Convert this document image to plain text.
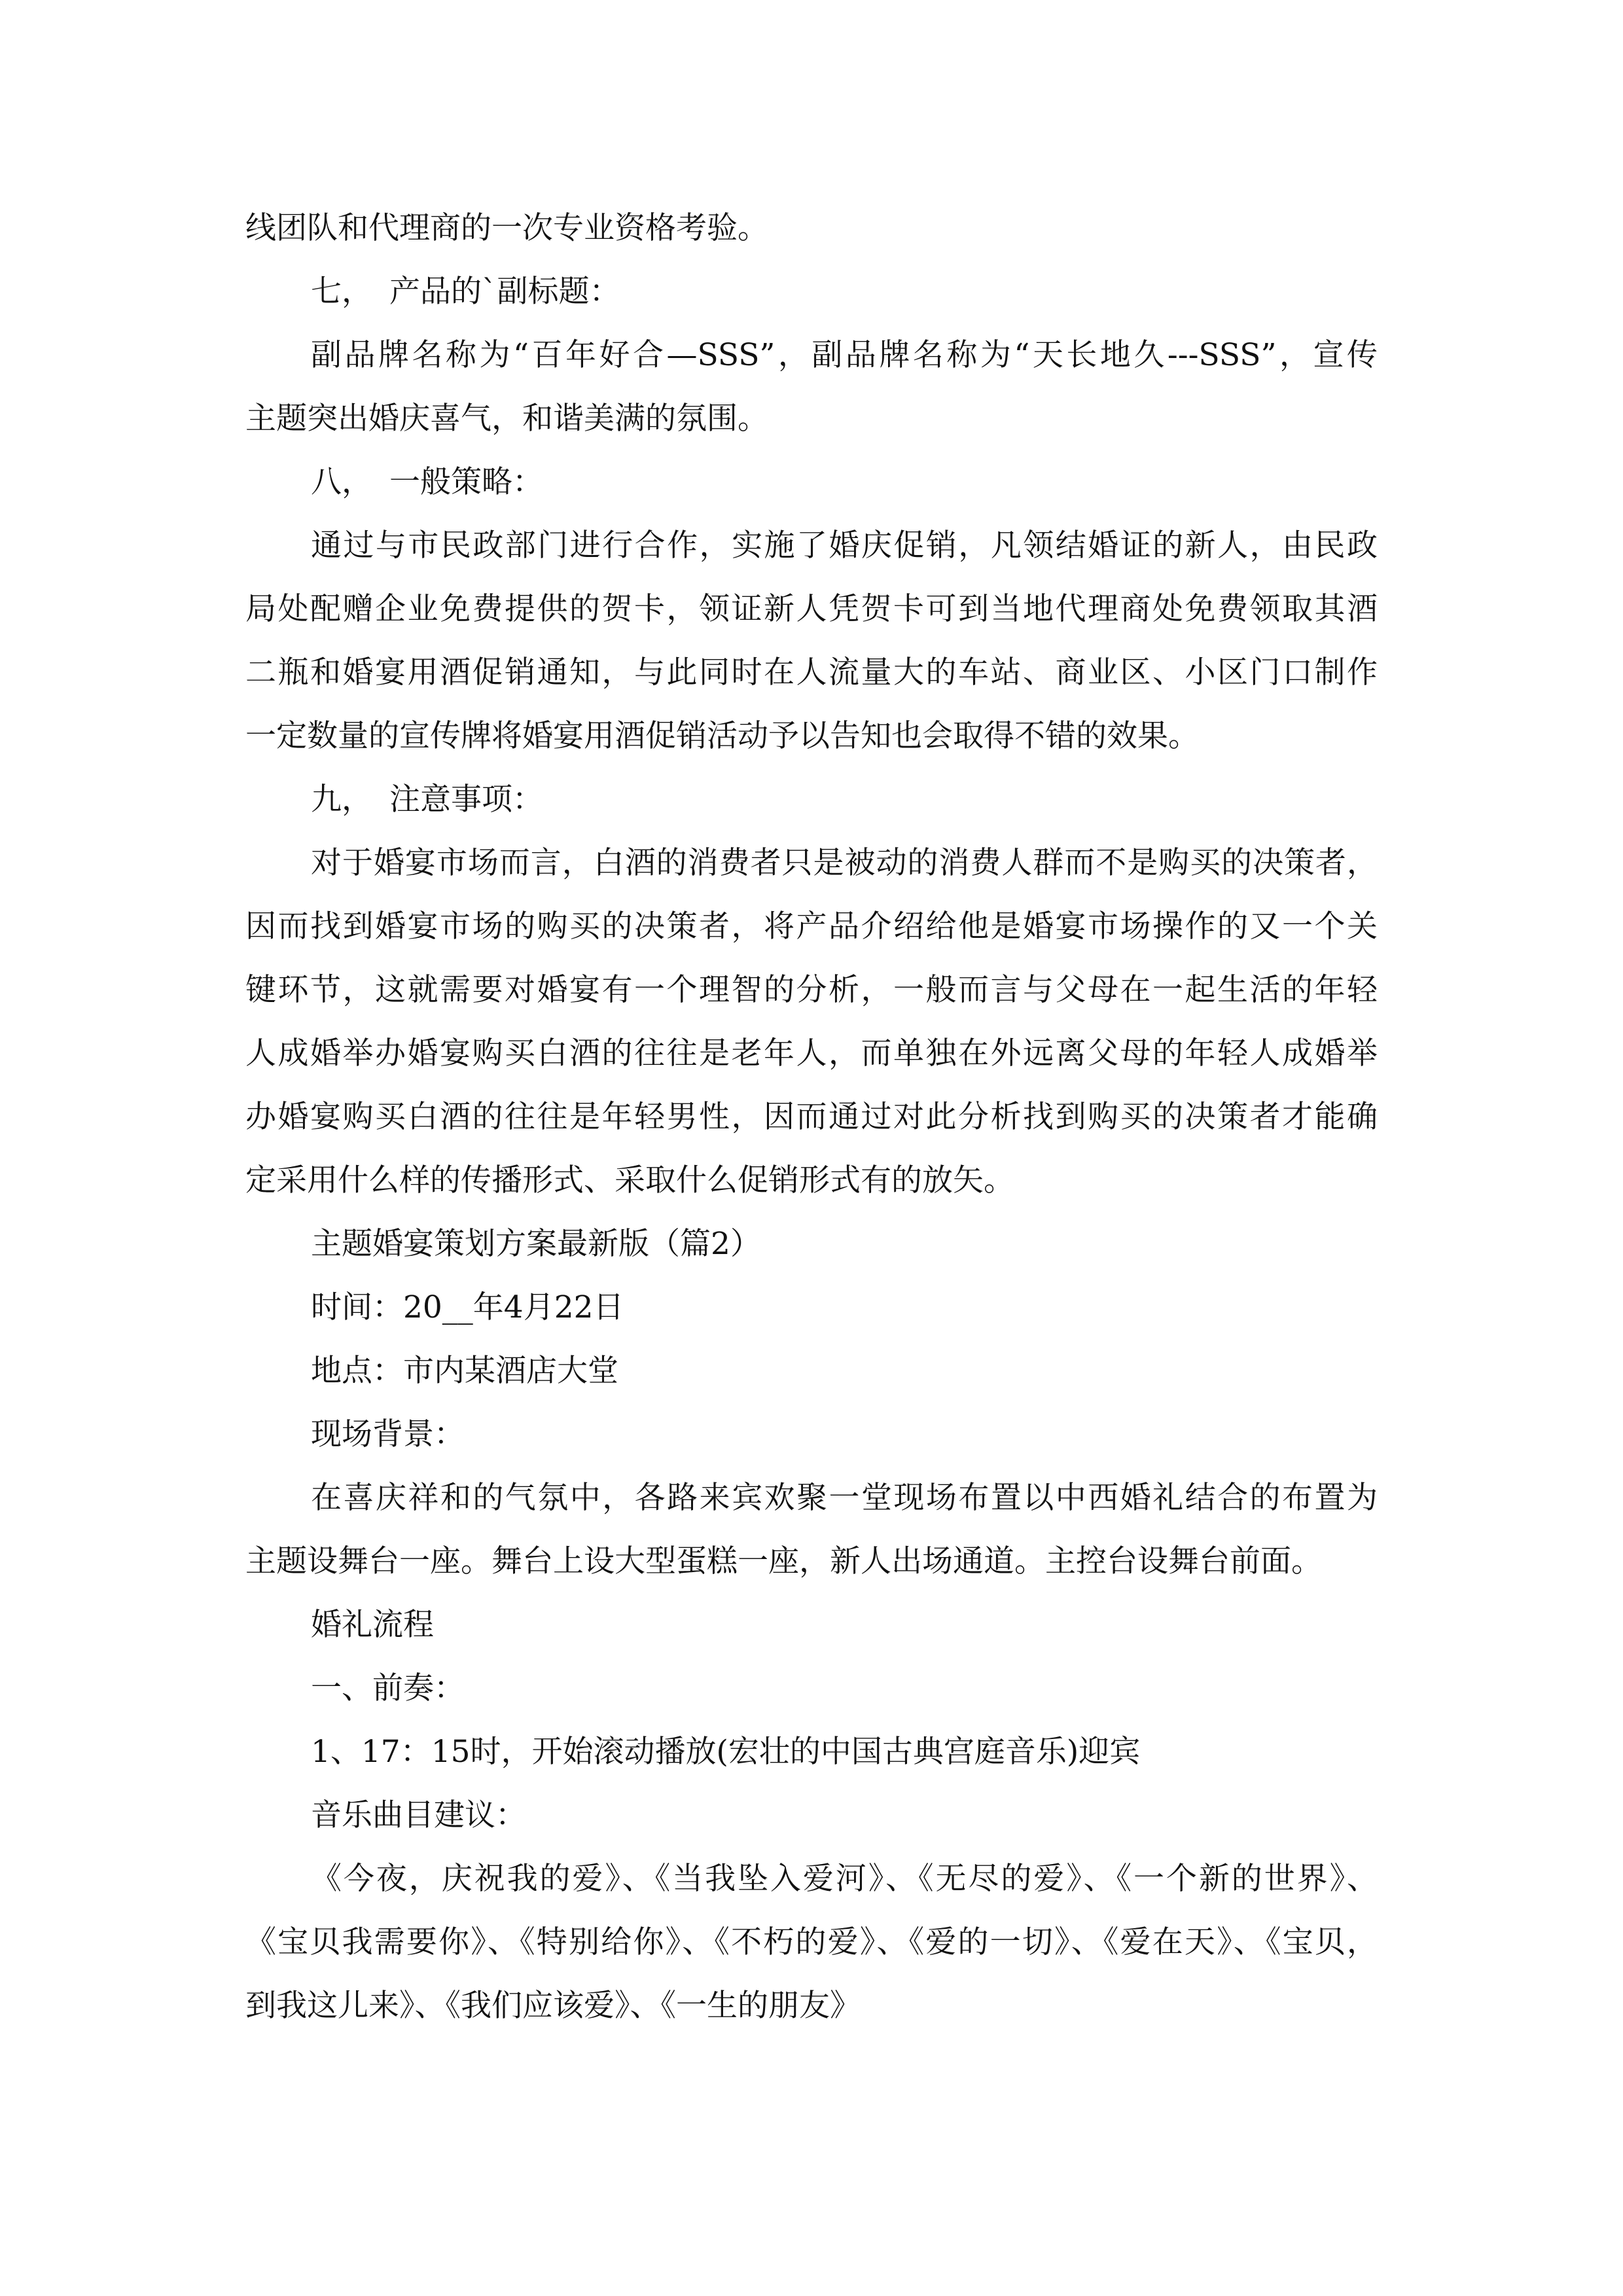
线团队和代理商的一次专业资格考验。

七， 产品的`副标题：

副品牌名称为“百年好合—SSS”，副品牌名称为“天长地久---SSS”，宣传
主题突出婚庆喜气，和谐美满的氛围。

八， 一般策略：

通过与市民政部门进行合作，实施了婚庆促销，凡领结婚证的新人，由民政
局处配赠企业免费提供的贺卡，领证新人凭贺卡可到当地代理商处免费领取其酒
二瓶和婚宴用酒促销通知，与此同时在人流量大的车站、商业区、小区门口制作
一定数量的宣传牌将婚宴用酒促销活动予以告知也会取得不错的效果。

九， 注意事项：

对于婚宴市场而言，白酒的消费者只是被动的消费人群而不是购买的决策者，
因而找到婚宴市场的购买的决策者，将产品介绍给他是婚宴市场操作的又一个关
键环节，这就需要对婚宴有一个理智的分析，一般而言与父母在一起生活的年轻
人成婚举办婚宴购买白酒的往往是老年人，而单独在外远离父母的年轻人成婚举
办婚宴购买白酒的往往是年轻男性，因而通过对此分析找到购买的决策者才能确
定采用什么样的传播形式、采取什么促销形式有的放矢。

主题婚宴策划方案最新版（篇2）

时间：20__年4月22日

地点：市内某酒店大堂

现场背景：

在喜庆祥和的气氛中，各路来宾欢聚一堂现场布置以中西婚礼结合的布置为
主题设舞台一座。舞台上设大型蛋糕一座，新人出场通道。主控台设舞台前面。

婚礼流程

一、前奏：

1、17：15时，开始滚动播放(宏壮的中国古典宫庭音乐)迎宾

音乐曲目建议：

《今夜，庆祝我的爱》、《当我坠入爱河》、《无尽的爱》、《一个新的世界》、
《宝贝我需要你》、《特别给你》、《不朽的爱》、《爱的一切》、《爱在天》、《宝贝，
到我这儿来》、《我们应该爱》、《一生的朋友》
